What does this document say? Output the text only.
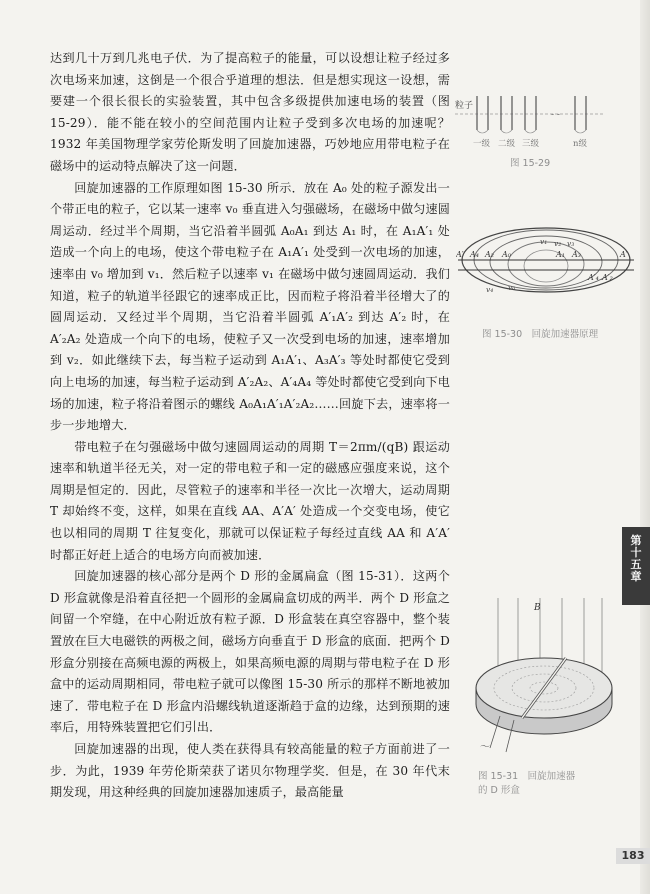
达到几十万到几兆电子伏．为了提高粒子的能量，可以设想让粒子经过多次电场来加速，这倒是一个很合乎道理的想法．但是想实现这一设想，需要建一个很长很长的实验装置，其中包含多级提供加速电场的装置（图 15-29）．能不能在较小的空间范围内让粒子受到多次电场的加速呢？1932 年美国物理学家劳伦斯发明了回旋加速器，巧妙地应用带电粒子在磁场中的运动特点解决了这一问题．

回旋加速器的工作原理如图 15-30 所示．放在 A₀ 处的粒子源发出一个带正电的粒子，它以某一速率 v₀ 垂直进入匀强磁场，在磁场中做匀速圆周运动．经过半个周期，当它沿着半圆弧 A₀A₁ 到达 A₁ 时，在 A₁A′₁ 处造成一个向上的电场，使这个带电粒子在 A₁A′₁ 处受到一次电场的加速，速率由 v₀ 增加到 v₁．然后粒子以速率 v₁ 在磁场中做匀速圆周运动．我们知道，粒子的轨道半径跟它的速率成正比，因而粒子将沿着半径增大了的圆周运动．又经过半个周期，当它沿着半圆弧 A′₁A′₂ 到达 A′₂ 时，在 A′₂A₂ 处造成一个向下的电场，使粒子又一次受到电场的加速，速率增加到 v₂．如此继续下去，每当粒子运动到 A₁A′₁、A₃A′₃ 等处时都使它受到向上电场的加速，每当粒子运动到 A′₂A₂、A′₄A₄ 等处时都使它受到向下电场的加速，粒子将沿着图示的螺线 A₀A₁A′₁A′₂A₂……回旋下去，速率将一步一步地增大．

带电粒子在匀强磁场中做匀速圆周运动的周期 T＝2πm/(qB) 跟运动速率和轨道半径无关，对一定的带电粒子和一定的磁感应强度来说，这个周期是恒定的．因此，尽管粒子的速率和半径一次比一次增大，运动周期 T 却始终不变，这样，如果在直线 AA、A′A′ 处造成一个交变电场，使它也以相同的周期 T 往复变化，那就可以保证粒子每经过直线 AA 和 A′A′ 时都正好赶上适合的电场方向而被加速．

回旋加速器的核心部分是两个 D 形的金属扁盒（图 15-31）．这两个 D 形盒就像是沿着直径把一个圆形的金属扁盒切成的两半．两个 D 形盒之间留一个窄缝，在中心附近放有粒子源．D 形盒装在真空容器中，整个装置放在巨大电磁铁的两极之间，磁场方向垂直于 D 形盒的底面．把两个 D 形盒分别接在高频电源的两极上，如果高频电源的周期与带电粒子在 D 形盒中的运动周期相同，带电粒子就可以像图 15-30 所示的那样不断地被加速了．带电粒子在 D 形盒内沿螺线轨道逐渐趋于盒的边缘，达到预期的速率后，用特殊装置把它们引出．

回旋加速器的出现，使人类在获得具有较高能量的粒子方面前进了一步．为此，1939 年劳伦斯荣获了诺贝尔物理学奖．但是，在 30 年代末期发现，用这种经典的回旋加速器加速质子，最高能量

粒子
- -
一级 二级 三级	n级
图 15-29
A′ A₄ A₂ A₀	A₁ A₃	A′
A′₄ A′₂
v₁ v₂ v₃
v₄ v₀
图 15-30　回旋加速器原理
第
十
五
章
B
～
图 15-31　回旋加速器
的 D 形盒
183
